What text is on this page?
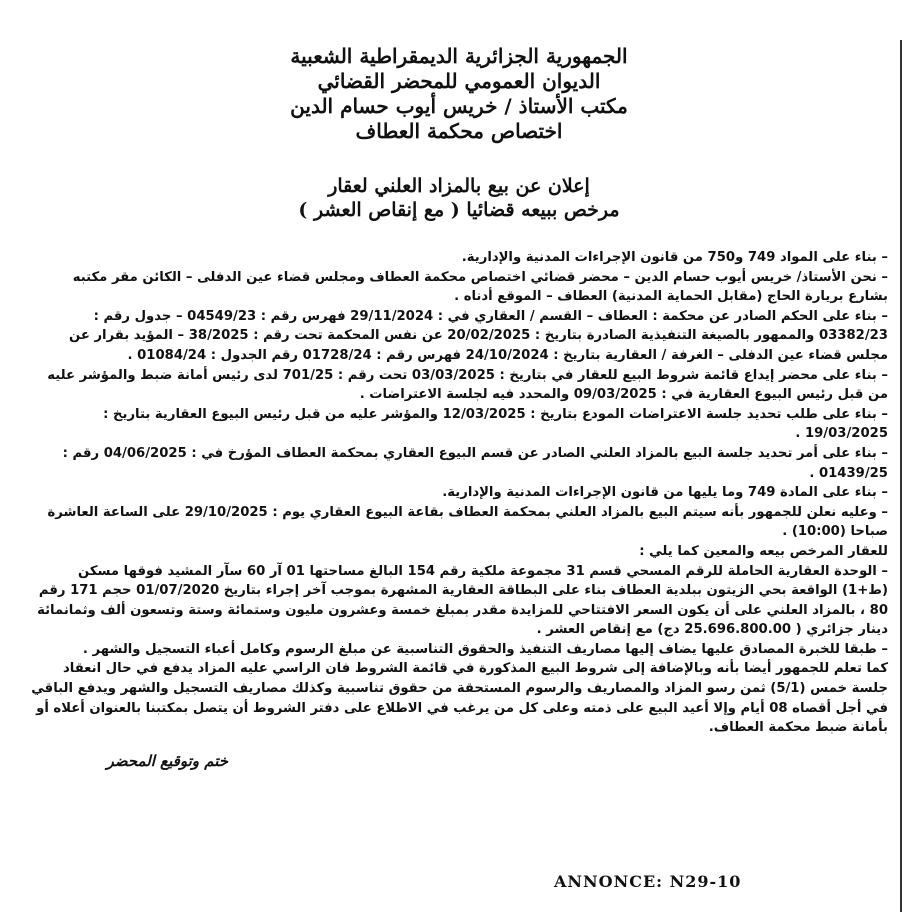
الجمهورية الجزائرية الديمقراطية الشعبية
الديوان العمومي للمحضر القضائي
مكتب الأستاذ / خريس أيوب حسام الدين
اختصاص محكمة العطاف
إعلان عن بيع بالمزاد العلني لعقار
مرخص ببيعه قضائيا ( مع إنقاص العشر )

– بناء على المواد 749 و750 من قانون الإجراءات المدنية والإدارية.

– نحن الأستاذ/ خريس أيوب حسام الدين – محضر قضائي اختصاص محكمة العطاف ومجلس قضاء عين الدفلى – الكائن مقر مكتبه بشارع بريارة الحاج (مقابل الحماية المدنية) العطاف – الموقع أدناه .

– بناء على الحكم الصادر عن محكمة : العطاف – القسم / العقاري في : 29/11/2024 فهرس رقم : 04549/23 – جدول رقم : 03382/23 والممهور بالصيغة التنفيذية الصادرة بتاريخ : 20/02/2025 عن نفس المحكمة تحت رقم : 38/2025 – المؤيد بقرار عن مجلس قضاء عين الدفلى – الغرفة / العقارية بتاريخ : 24/10/2024 فهرس رقم : 01728/24 رقم الجدول : 01084/24 .

– بناء على محضر إيداع قائمة شروط البيع للعقار في بتاريخ : 03/03/2025 تحت رقم : 701/25 لدى رئيس أمانة ضبط والمؤشر عليه من قبل رئيس البيوع العقارية في : 09/03/2025 والمحدد فيه لجلسة الاعتراضات .

– بناء على طلب تحديد جلسة الاعتراضات المودع بتاريخ : 12/03/2025 والمؤشر عليه من قبل رئيس البيوع العقارية بتاريخ : 19/03/2025 .

– بناء على أمر تحديد جلسة البيع بالمزاد العلني الصادر عن قسم البيوع العقاري بمحكمة العطاف المؤرخ في : 04/06/2025 رقم : 01439/25 .

– بناء على المادة 749 وما يليها من قانون الإجراءات المدنية والإدارية.

– وعليه نعلن للجمهور بأنه سيتم البيع بالمزاد العلني بمحكمة العطاف بقاعة البيوع العقاري يوم : 29/10/2025 على الساعة العاشرة صباحا (10:00) .

للعقار المرخص بيعه والمعين كما يلي :

– الوحدة العقارية الحاملة للرقم المسحي قسم 31 مجموعة ملكية رقم 154 البالغ مساحتها 01 آر 60 سآر المشيد فوقها مسكن (ط+1) الواقعة بحي الزيتون ببلدية العطاف بناء على البطاقة العقارية المشهرة بموجب آخر إجراء بتاريخ 01/07/2020 حجم 171 رقم 80 ، بالمزاد العلني على أن يكون السعر الافتتاحي للمزايدة مقدر بمبلغ خمسة وعشرون مليون وستمائة وستة وتسعون ألف وثمانمائة دينار جزائري ( 25.696.800.00 دج) مع إنقاص العشر .

– طبقا للخبرة المصادق عليها يضاف إليها مصاريف التنفيذ والحقوق التناسبية عن مبلغ الرسوم وكامل أعباء التسجيل والشهر .

كما تعلم للجمهور أيضا بأنه وبالإضافة إلى شروط البيع المذكورة في قائمة الشروط فان الراسي عليه المزاد يدفع في حال انعقاد جلسة خمس (5/1) ثمن رسو المزاد والمصاريف والرسوم المستحقة من حقوق تناسبية وكذلك مصاريف التسجيل والشهر ويدفع الباقي في أجل أقصاه 08 أيام وإلا أعيد البيع على ذمته وعلى كل من يرغب في الاطلاع على دفتر الشروط أن يتصل بمكتبنا بالعنوان أعلاه أو بأمانة ضبط محكمة العطاف.

ختم وتوقيع المحضر
ANNONCE: N29-10
